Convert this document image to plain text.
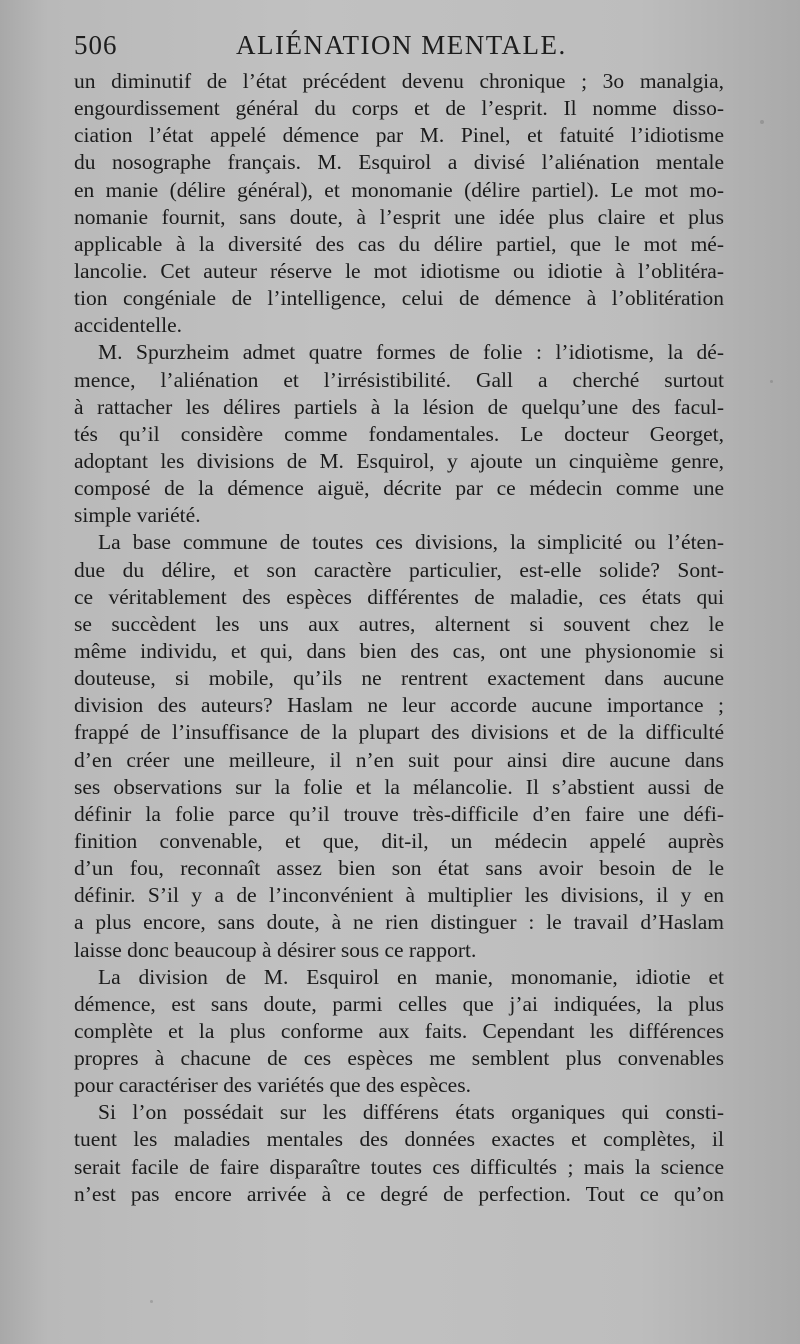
506	ALIÉNATION MENTALE.
un diminutif de l’état précédent devenu chronique ; 3o manalgia,
engourdissement général du corps et de l’esprit. Il nomme disso-
ciation l’état appelé démence par M. Pinel, et fatuité l’idiotisme
du nosographe français. M. Esquirol a divisé l’aliénation mentale
en manie (délire général), et monomanie (délire partiel). Le mot mo-
nomanie fournit, sans doute, à l’esprit une idée plus claire et plus
applicable à la diversité des cas du délire partiel, que le mot mé-
lancolie. Cet auteur réserve le mot idiotisme ou idiotie à l’oblitéra-
tion congéniale de l’intelligence, celui de démence à l’oblitération
accidentelle.
M. Spurzheim admet quatre formes de folie : l’idiotisme, la dé-
mence, l’aliénation et l’irrésistibilité. Gall a cherché surtout
à rattacher les délires partiels à la lésion de quelqu’une des facul-
tés qu’il considère comme fondamentales. Le docteur Georget,
adoptant les divisions de M. Esquirol, y ajoute un cinquième genre,
composé de la démence aiguë, décrite par ce médecin comme une
simple variété.
La base commune de toutes ces divisions, la simplicité ou l’éten-
due du délire, et son caractère particulier, est-elle solide? Sont-
ce véritablement des espèces différentes de maladie, ces états qui
se succèdent les uns aux autres, alternent si souvent chez le
même individu, et qui, dans bien des cas, ont une physionomie si
douteuse, si mobile, qu’ils ne rentrent exactement dans aucune
division des auteurs? Haslam ne leur accorde aucune importance ;
frappé de l’insuffisance de la plupart des divisions et de la difficulté
d’en créer une meilleure, il n’en suit pour ainsi dire aucune dans
ses observations sur la folie et la mélancolie. Il s’abstient aussi de
définir la folie parce qu’il trouve très-difficile d’en faire une défi-
finition convenable, et que, dit-il, un médecin appelé auprès
d’un fou, reconnaît assez bien son état sans avoir besoin de le
définir. S’il y a de l’inconvénient à multiplier les divisions, il y en
a plus encore, sans doute, à ne rien distinguer : le travail d’Haslam
laisse donc beaucoup à désirer sous ce rapport.
La division de M. Esquirol en manie, monomanie, idiotie et
démence, est sans doute, parmi celles que j’ai indiquées, la plus
complète et la plus conforme aux faits. Cependant les différences
propres à chacune de ces espèces me semblent plus convenables
pour caractériser des variétés que des espèces.
Si l’on possédait sur les différens états organiques qui consti-
tuent les maladies mentales des données exactes et complètes, il
serait facile de faire disparaître toutes ces difficultés ; mais la science
n’est pas encore arrivée à ce degré de perfection. Tout ce qu’on
